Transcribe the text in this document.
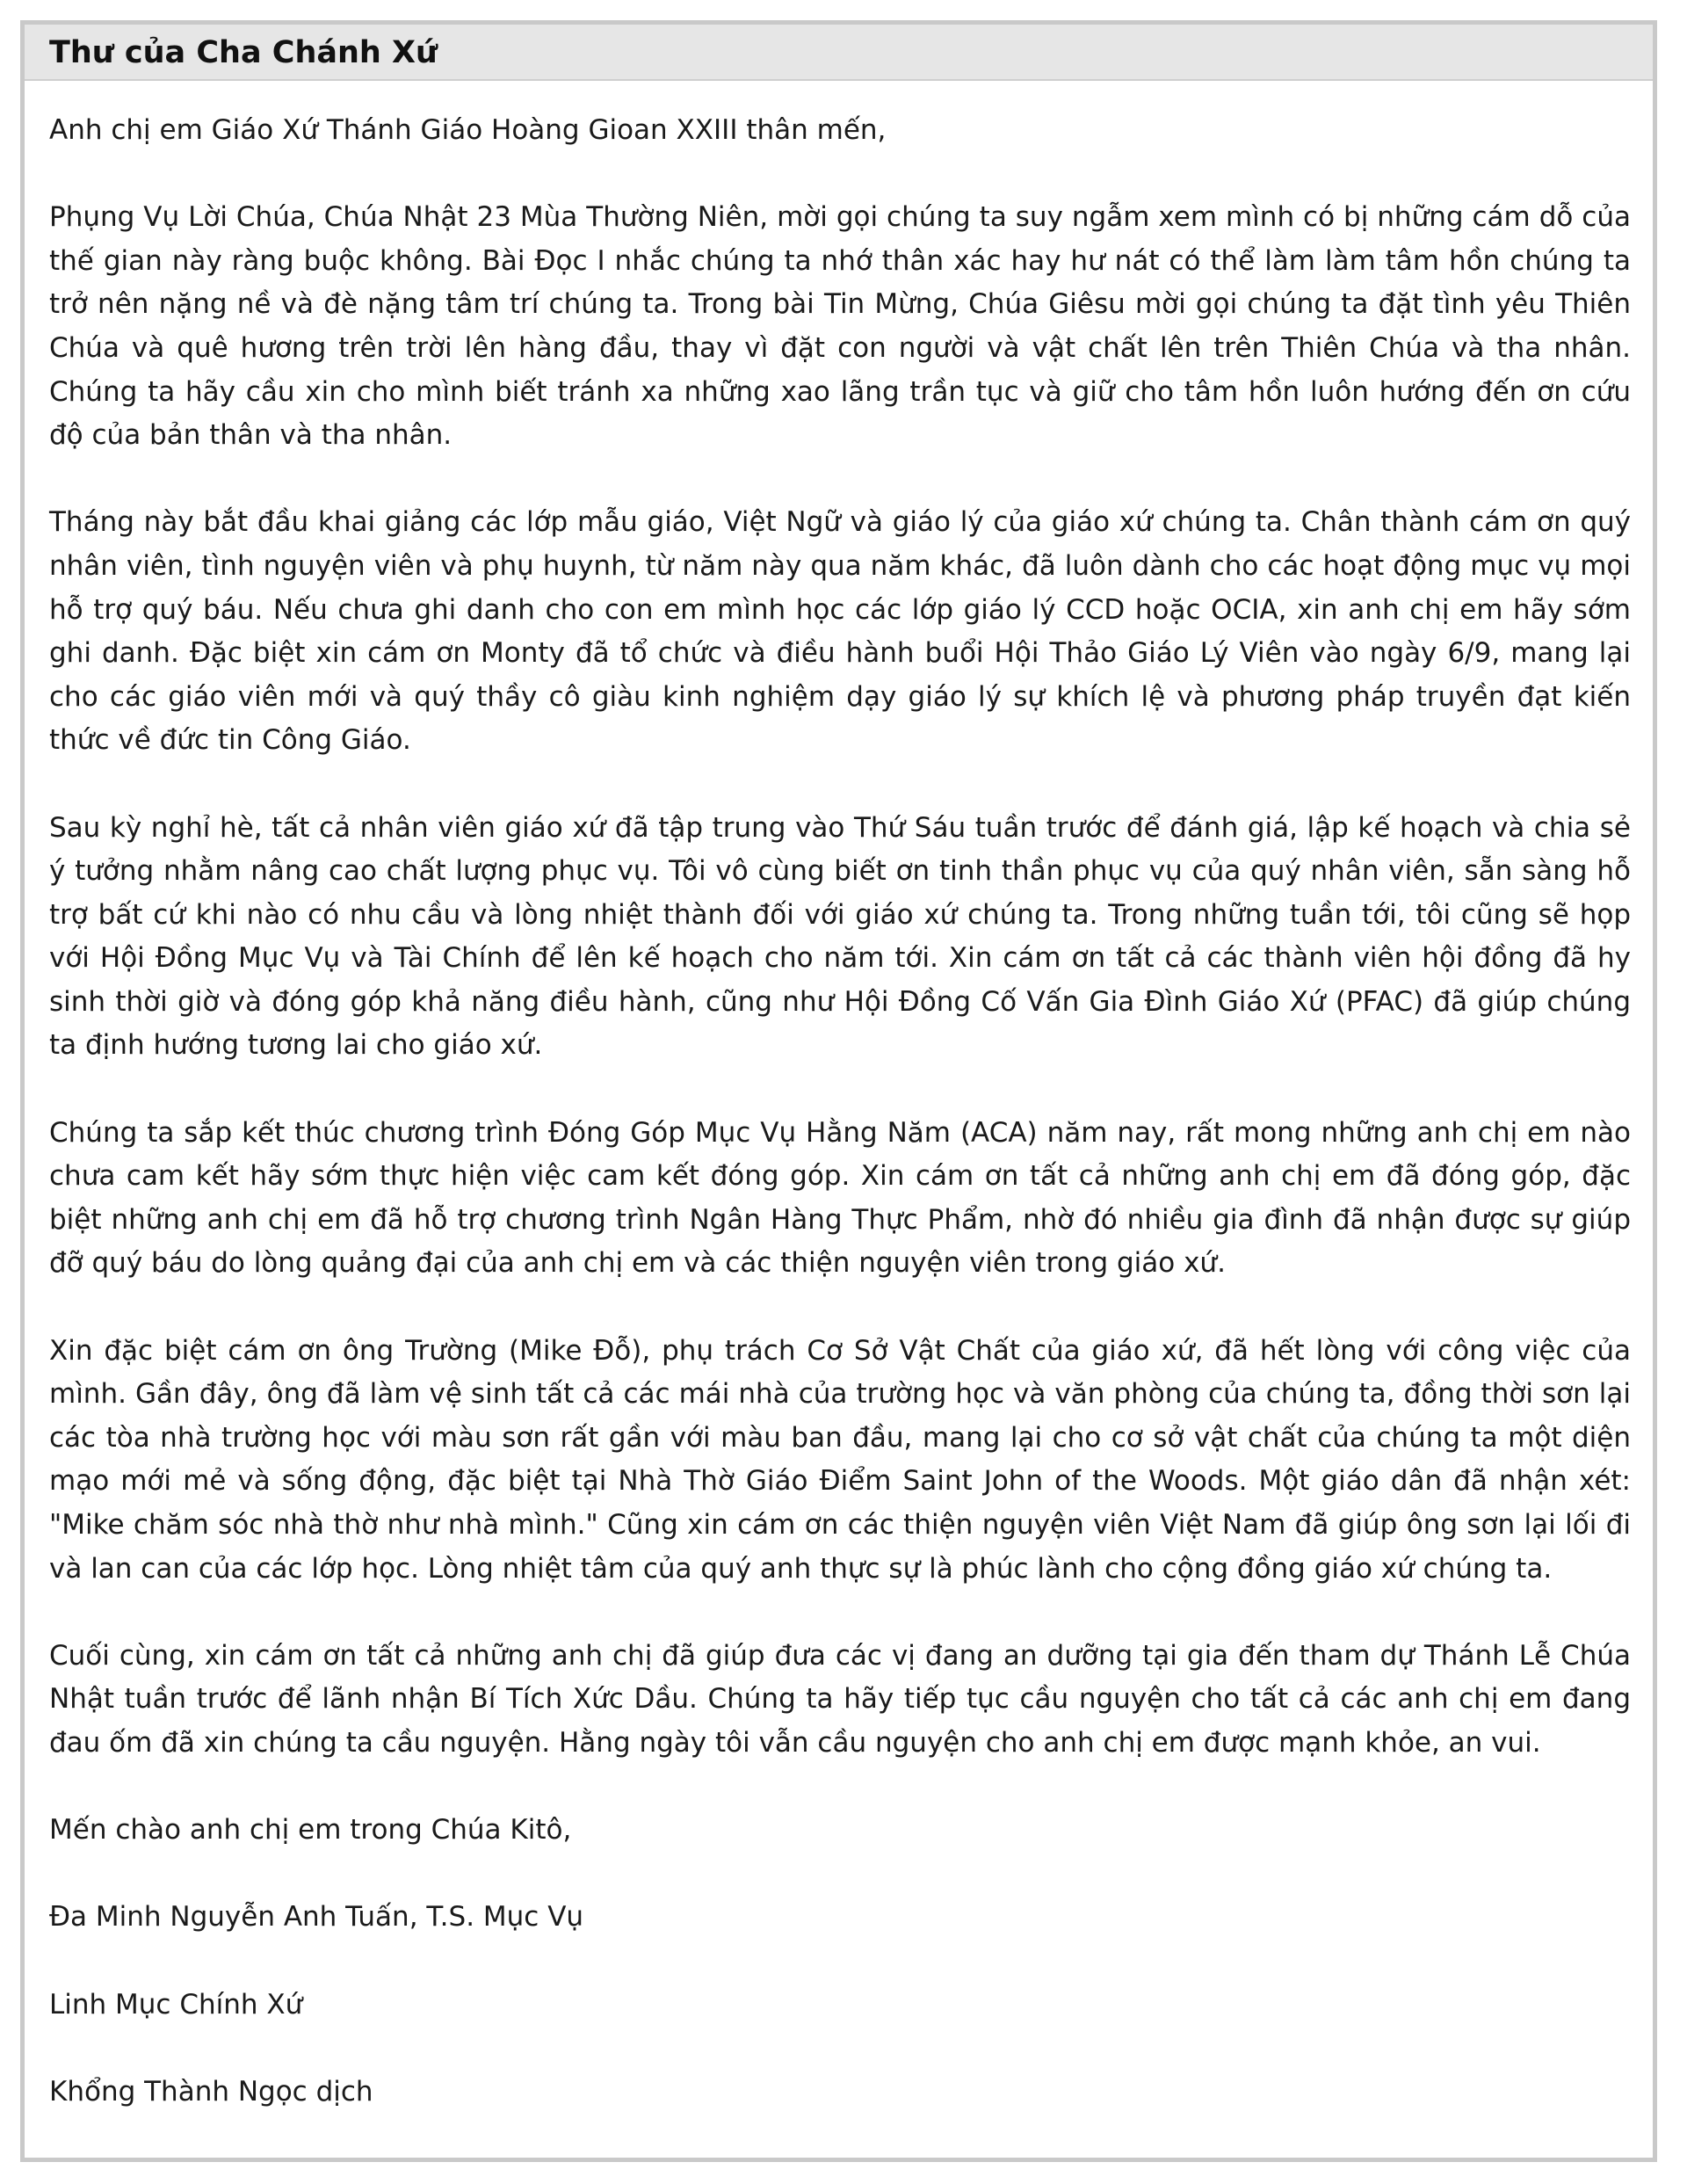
Thư của Cha Chánh Xứ

Anh chị em Giáo Xứ Thánh Giáo Hoàng Gioan XXIII thân mến,

Phụng Vụ Lời Chúa, Chúa Nhật 23 Mùa Thường Niên, mời gọi chúng ta suy ngẫm xem mình có bị những cám dỗ của thế gian này ràng buộc không. Bài Đọc I nhắc chúng ta nhớ thân xác hay hư nát có thể làm làm tâm hồn chúng ta trở nên nặng nề và đè nặng tâm trí chúng ta. Trong bài Tin Mừng, Chúa Giêsu mời gọi chúng ta đặt tình yêu Thiên Chúa và quê hương trên trời lên hàng đầu, thay vì đặt con người và vật chất lên trên Thiên Chúa và tha nhân. Chúng ta hãy cầu xin cho mình biết tránh xa những xao lãng trần tục và giữ cho tâm hồn luôn hướng đến ơn cứu độ của bản thân và tha nhân.

Tháng này bắt đầu khai giảng các lớp mẫu giáo, Việt Ngữ và giáo lý của giáo xứ chúng ta. Chân thành cám ơn quý nhân viên, tình nguyện viên và phụ huynh, từ năm này qua năm khác, đã luôn dành cho các hoạt động mục vụ mọi hỗ trợ quý báu. Nếu chưa ghi danh cho con em mình học các lớp giáo lý CCD hoặc OCIA, xin anh chị em hãy sớm ghi danh. Đặc biệt xin cám ơn Monty đã tổ chức và điều hành buổi Hội Thảo Giáo Lý Viên vào ngày 6/9, mang lại cho các giáo viên mới và quý thầy cô giàu kinh nghiệm dạy giáo lý sự khích lệ và phương pháp truyền đạt kiến thức về đức tin Công Giáo.

Sau kỳ nghỉ hè, tất cả nhân viên giáo xứ đã tập trung vào Thứ Sáu tuần trước để đánh giá, lập kế hoạch và chia sẻ ý tưởng nhằm nâng cao chất lượng phục vụ. Tôi vô cùng biết ơn tinh thần phục vụ của quý nhân viên, sẵn sàng hỗ trợ bất cứ khi nào có nhu cầu và lòng nhiệt thành đối với giáo xứ chúng ta. Trong những tuần tới, tôi cũng sẽ họp với Hội Đồng Mục Vụ và Tài Chính để lên kế hoạch cho năm tới. Xin cám ơn tất cả các thành viên hội đồng đã hy sinh thời giờ và đóng góp khả năng điều hành, cũng như Hội Đồng Cố Vấn Gia Đình Giáo Xứ (PFAC) đã giúp chúng ta định hướng tương lai cho giáo xứ.

Chúng ta sắp kết thúc chương trình Đóng Góp Mục Vụ Hằng Năm (ACA) năm nay, rất mong những anh chị em nào chưa cam kết hãy sớm thực hiện việc cam kết đóng góp. Xin cám ơn tất cả những anh chị em đã đóng góp, đặc biệt những anh chị em đã hỗ trợ chương trình Ngân Hàng Thực Phẩm, nhờ đó nhiều gia đình đã nhận được sự giúp đỡ quý báu do lòng quảng đại của anh chị em và các thiện nguyện viên trong giáo xứ.

Xin đặc biệt cám ơn ông Trường (Mike Đỗ), phụ trách Cơ Sở Vật Chất của giáo xứ, đã hết lòng với công việc của mình. Gần đây, ông đã làm vệ sinh tất cả các mái nhà của trường học và văn phòng của chúng ta, đồng thời sơn lại các tòa nhà trường học với màu sơn rất gần với màu ban đầu, mang lại cho cơ sở vật chất của chúng ta một diện mạo mới mẻ và sống động, đặc biệt tại Nhà Thờ Giáo Điểm Saint John of the Woods. Một giáo dân đã nhận xét: "Mike chăm sóc nhà thờ như nhà mình." Cũng xin cám ơn các thiện nguyện viên Việt Nam đã giúp ông sơn lại lối đi và lan can của các lớp học. Lòng nhiệt tâm của quý anh thực sự là phúc lành cho cộng đồng giáo xứ chúng ta.

Cuối cùng, xin cám ơn tất cả những anh chị đã giúp đưa các vị đang an dưỡng tại gia đến tham dự Thánh Lễ Chúa Nhật tuần trước để lãnh nhận Bí Tích Xức Dầu. Chúng ta hãy tiếp tục cầu nguyện cho tất cả các anh chị em đang đau ốm đã xin chúng ta cầu nguyện. Hằng ngày tôi vẫn cầu nguyện cho anh chị em được mạnh khỏe, an vui.

Mến chào anh chị em trong Chúa Kitô,

Đa Minh Nguyễn Anh Tuấn, T.S. Mục Vụ

Linh Mục Chính Xứ

Khổng Thành Ngọc dịch
